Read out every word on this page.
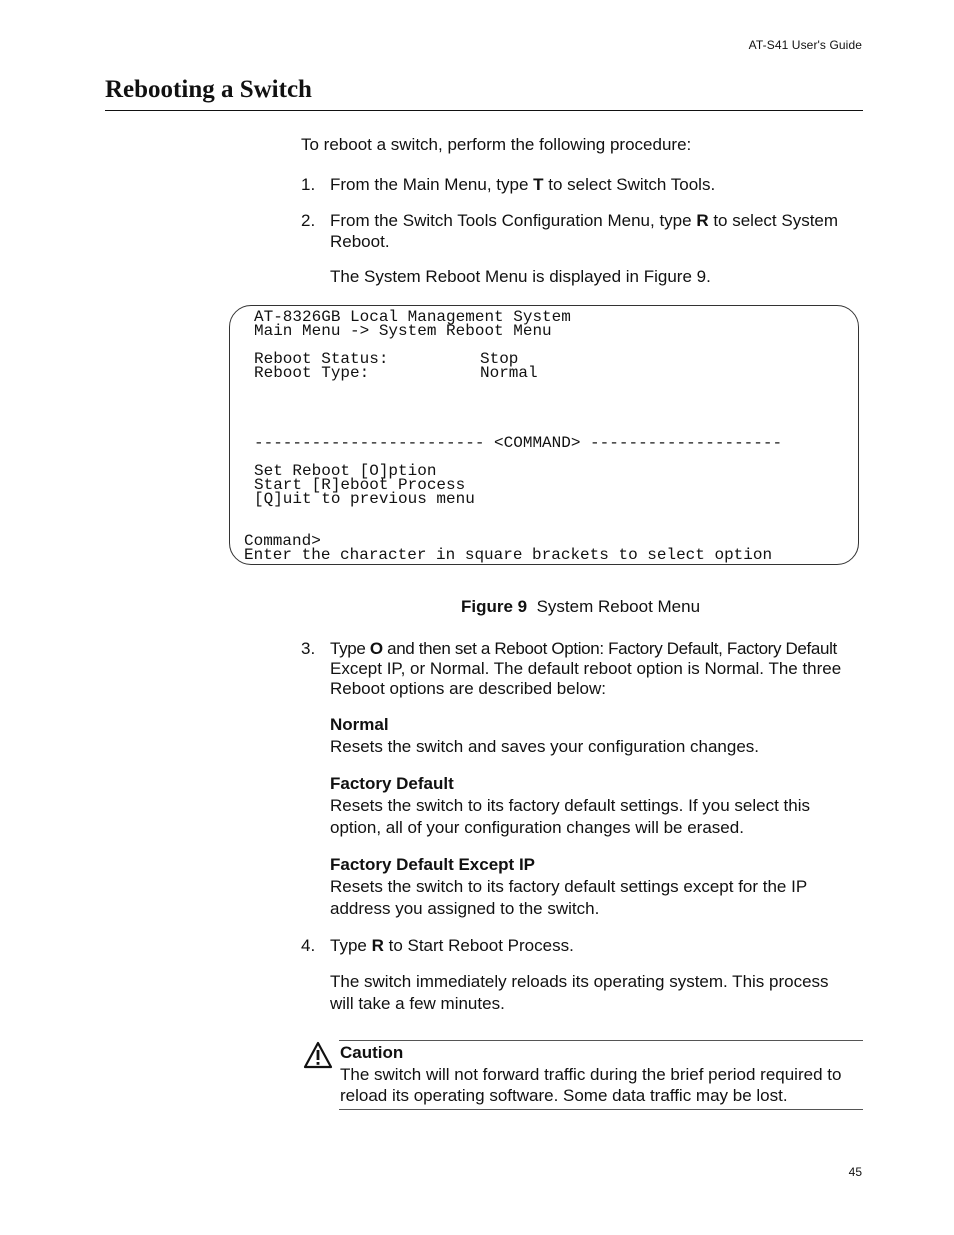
AT-S41 User's Guide
Rebooting a Switch
To reboot a switch, perform the following procedure:
1. From the Main Menu, type T to select Switch Tools.
2. From the Switch Tools Configuration Menu, type R to select System
Reboot.
The System Reboot Menu is displayed in Figure 9.
AT-8326GB Local Management System
Main Menu -> System Reboot Menu
Reboot Status:	Stop
Reboot Type:	Normal
------------------------ <COMMAND> --------------------
Set Reboot [O]ption
Start [R]eboot Process
[Q]uit to previous menu
Command>
Enter the character in square brackets to select option
Figure 9 System Reboot Menu
3. Type O and then set a Reboot Option: Factory Default, Factory Default
Except IP, or Normal. The default reboot option is Normal. The three
Reboot options are described below:
Normal
Resets the switch and saves your configuration changes.
Factory Default
Resets the switch to its factory default settings. If you select this
option, all of your configuration changes will be erased.
Factory Default Except IP
Resets the switch to its factory default settings except for the IP
address you assigned to the switch.
4. Type R to Start Reboot Process.
The switch immediately reloads its operating system. This process
will take a few minutes.
Caution
The switch will not forward traffic during the brief period required to
reload its operating software. Some data traffic may be lost.
45
